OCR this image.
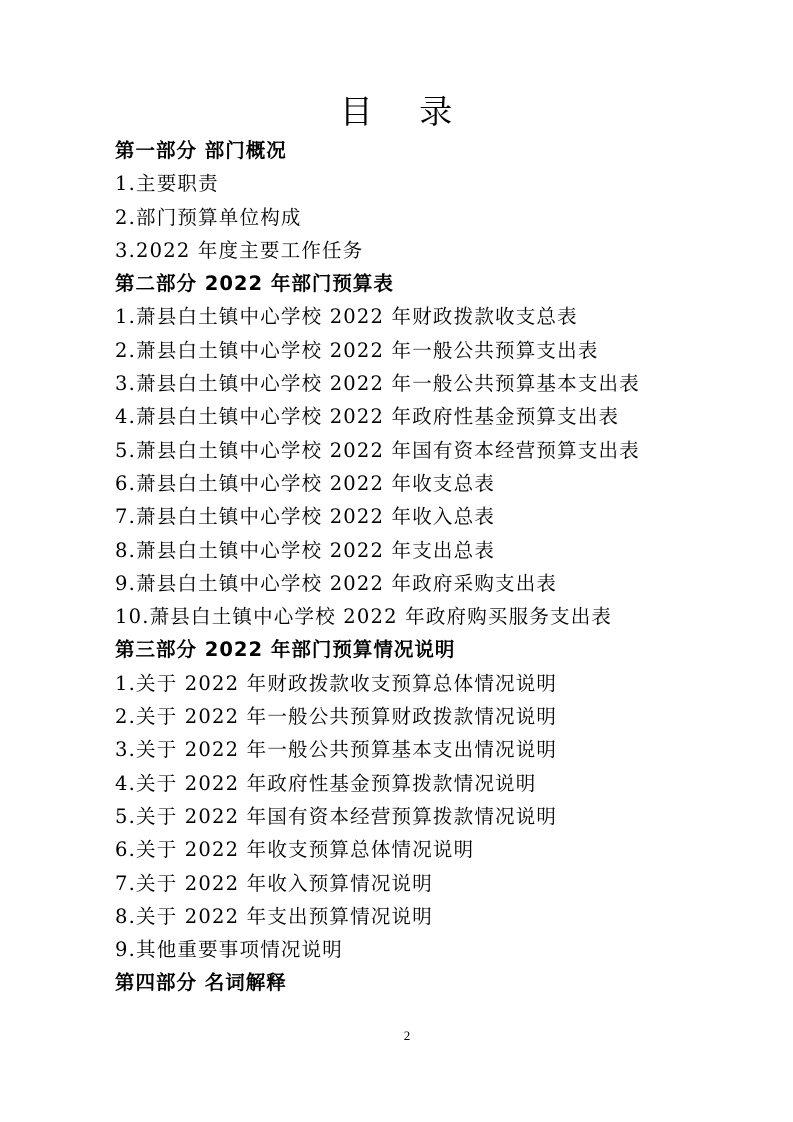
目 录
第一部分 部门概况
1.主要职责
2.部门预算单位构成
3.2022 年度主要工作任务
第二部分 2022 年部门预算表
1.萧县白土镇中心学校 2022 年财政拨款收支总表
2.萧县白土镇中心学校 2022 年一般公共预算支出表
3.萧县白土镇中心学校 2022 年一般公共预算基本支出表
4.萧县白土镇中心学校 2022 年政府性基金预算支出表
5.萧县白土镇中心学校 2022 年国有资本经营预算支出表
6.萧县白土镇中心学校 2022 年收支总表
7.萧县白土镇中心学校 2022 年收入总表
8.萧县白土镇中心学校 2022 年支出总表
9.萧县白土镇中心学校 2022 年政府采购支出表
10.萧县白土镇中心学校 2022 年政府购买服务支出表
第三部分 2022 年部门预算情况说明
1.关于 2022 年财政拨款收支预算总体情况说明
2.关于 2022 年一般公共预算财政拨款情况说明
3.关于 2022 年一般公共预算基本支出情况说明
4.关于 2022 年政府性基金预算拨款情况说明
5.关于 2022 年国有资本经营预算拨款情况说明
6.关于 2022 年收支预算总体情况说明
7.关于 2022 年收入预算情况说明
8.关于 2022 年支出预算情况说明
9.其他重要事项情况说明
第四部分 名词解释
2
